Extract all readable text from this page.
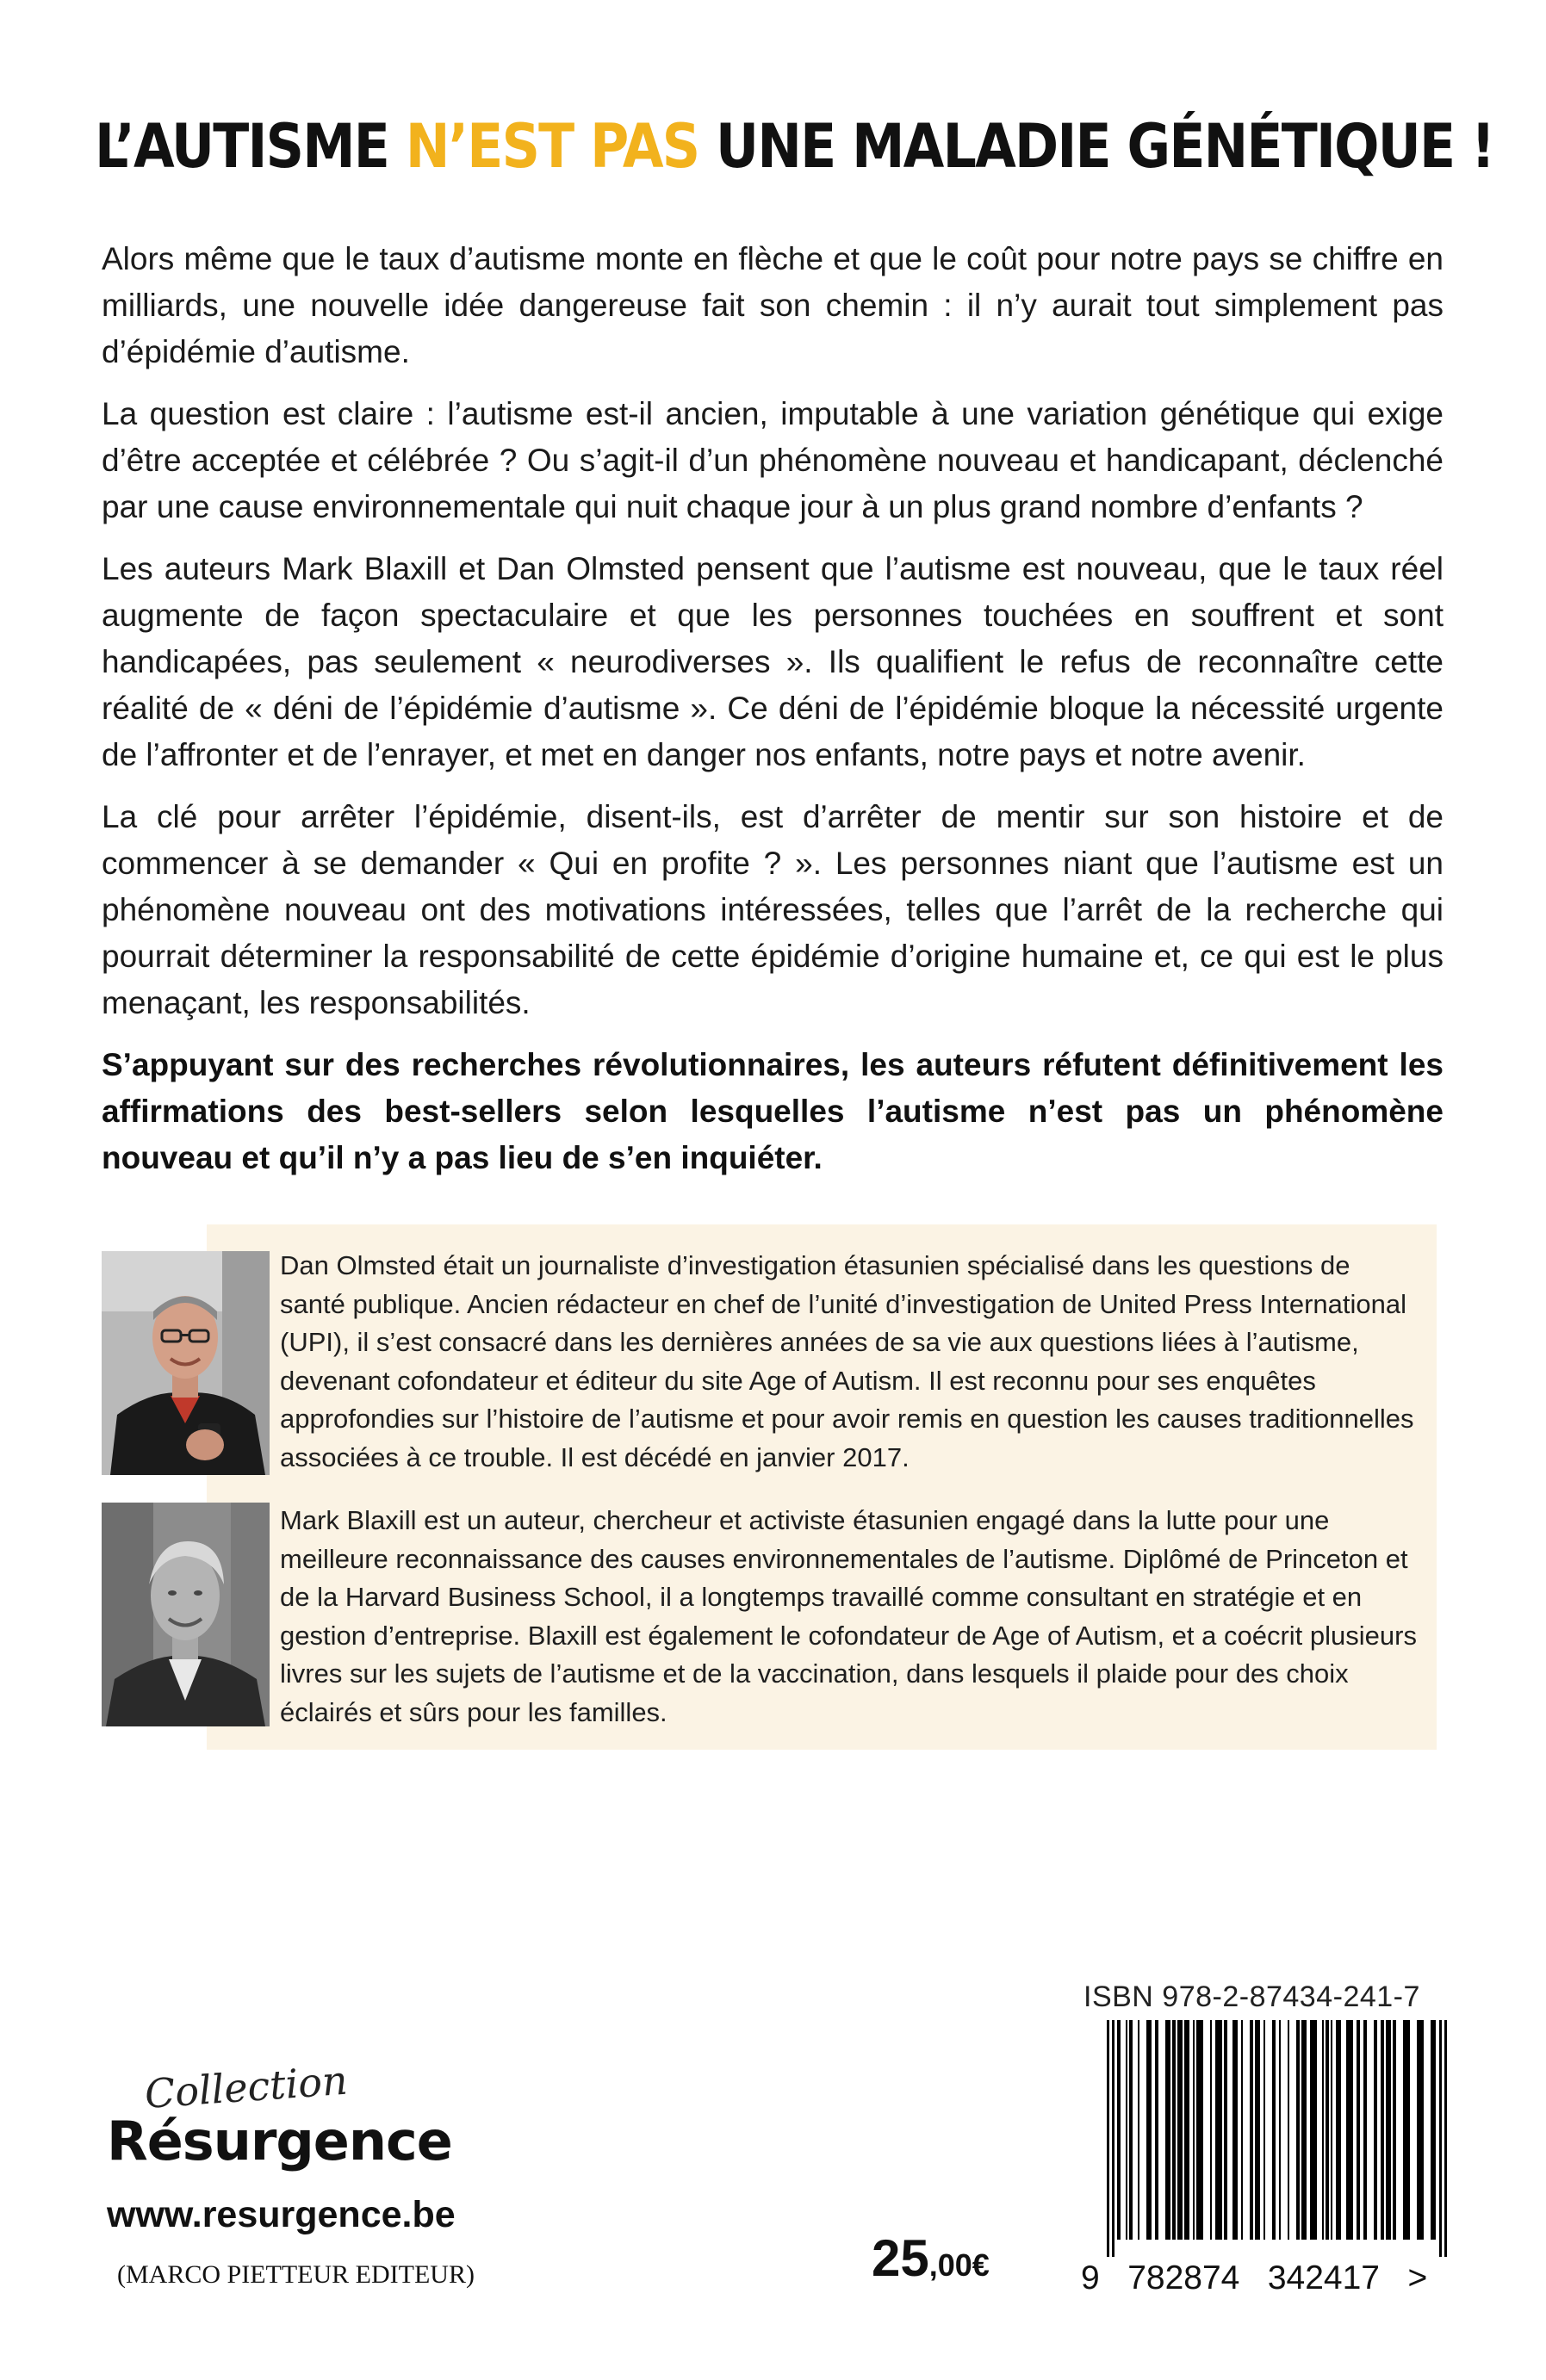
L’AUTISME N’EST PAS UNE MALADIE GÉNÉTIQUE !

Alors même que le taux d’autisme monte en flèche et que le coût pour notre pays se chiffre en milliards, une nouvelle idée dangereuse fait son chemin : il n’y aurait tout simplement pas d’épidémie d’autisme.

La question est claire : l’autisme est-il ancien, imputable à une variation génétique qui exige d’être acceptée et célébrée ? Ou s’agit-il d’un phénomène nouveau et handicapant, déclenché par une cause environnementale qui nuit chaque jour à un plus grand nombre d’enfants ?

Les auteurs Mark Blaxill et Dan Olmsted pensent que l’autisme est nouveau, que le taux réel augmente de façon spectaculaire et que les personnes touchées en souffrent et sont handicapées, pas seulement « neurodiverses ». Ils qualifient le refus de reconnaître cette réalité de « déni de l’épidémie d’autisme ». Ce déni de l’épidémie bloque la nécessité urgente de l’affronter et de l’enrayer, et met en danger nos enfants, notre pays et notre avenir.

La clé pour arrêter l’épidémie, disent-ils, est d’arrêter de mentir sur son histoire et de commencer à se demander « Qui en profite ? ». Les personnes niant que l’autisme est un phénomène nouveau ont des motivations intéressées, telles que l’arrêt de la recherche qui pourrait déterminer la responsabilité de cette épidémie d’origine humaine et, ce qui est le plus menaçant, les responsabilités.

S’appuyant sur des recherches révolutionnaires, les auteurs réfutent définitivement les affirmations des best-sellers selon lesquelles l’autisme n’est pas un phénomène nouveau et qu’il n’y a pas lieu de s’en inquiéter.

Dan Olmsted était un journaliste d’investigation étasunien spécialisé dans les questions de santé publique. Ancien rédacteur en chef de l’unité d’investigation de United Press International (UPI), il s’est consacré dans les dernières années de sa vie aux questions liées à l’autisme, devenant cofondateur et éditeur du site Age of Autism. Il est reconnu pour ses enquêtes approfondies sur l’histoire de l’autisme et pour avoir remis en question les causes traditionnelles associées à ce trouble. Il est décédé en janvier 2017.
Mark Blaxill est un auteur, chercheur et activiste étasunien engagé dans la lutte pour une meilleure reconnaissance des causes environnementales de l’autisme. Diplômé de Princeton et de la Harvard Business School, il a longtemps travaillé comme consultant en stratégie et en gestion d’entreprise. Blaxill est également le cofondateur de Age of Autism, et a coécrit plusieurs livres sur les sujets de l’autisme et de la vaccination, dans lesquels il plaide pour des choix éclairés et sûrs pour les familles.
ISBN 978-2-87434-241-7
9   782874   342417   >
25,00€
Collection
Résurgence
www.resurgence.be
(MARCO PIETTEUR EDITEUR)
